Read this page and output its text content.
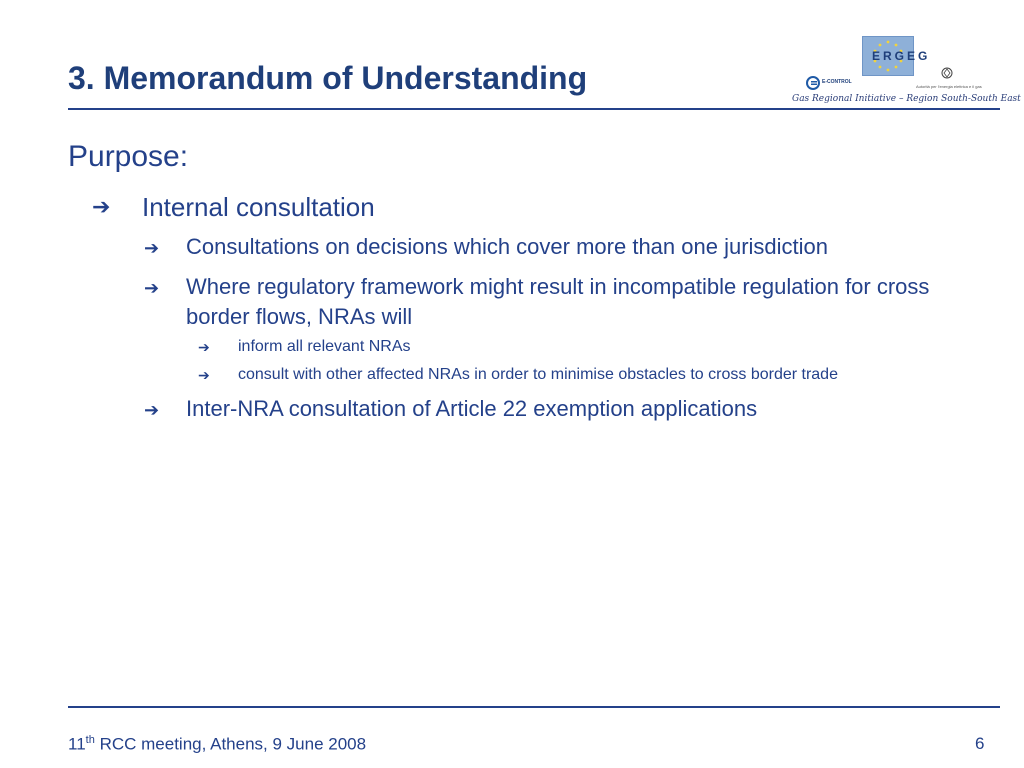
3. Memorandum of Understanding
ERGEG
E-CONTROL
Autorità per l'energia elettrica e il gas
Gas Regional Initiative – Region South-South East
Purpose:
➔ Internal consultation
➔ Consultations on decisions which cover more than one jurisdiction
➔ Where regulatory framework might result in incompatible regulation for cross border flows, NRAs will
➔ inform all relevant NRAs
➔ consult with other affected NRAs in order to minimise obstacles to cross border trade
➔ Inter-NRA consultation of Article 22 exemption applications
11th RCC meeting, Athens, 9 June 2008	6
